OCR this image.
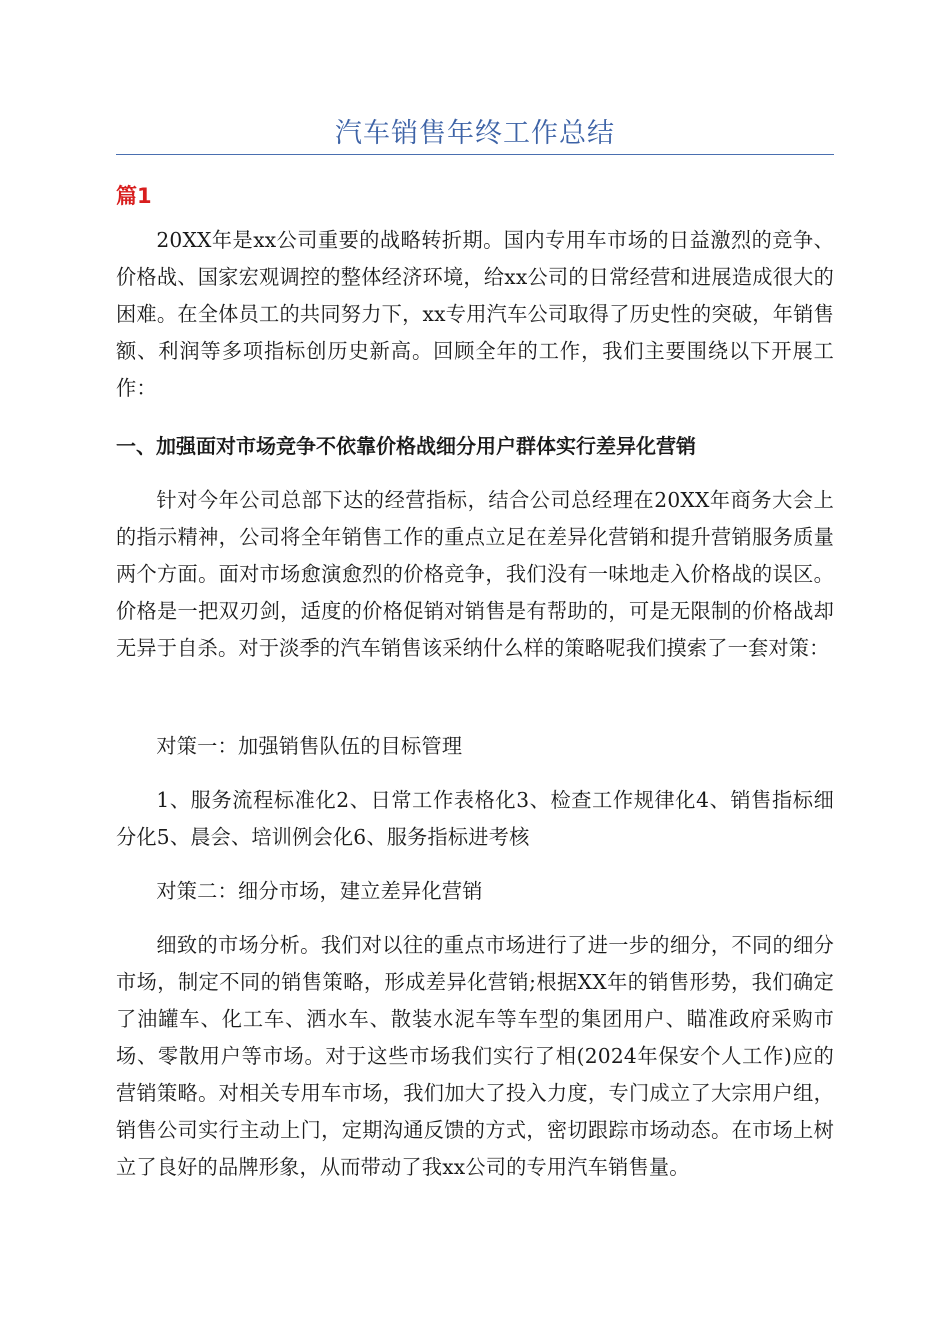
汽车销售年终工作总结
篇1

20XX年是xx公司重要的战略转折期。国内专用车市场的日益激烈的竞争、价格战、国家宏观调控的整体经济环境，给xx公司的日常经营和进展造成很大的困难。在全体员工的共同努力下，xx专用汽车公司取得了历史性的突破，年销售额、利润等多项指标创历史新高。回顾全年的工作，我们主要围绕以下开展工作：

一、加强面对市场竞争不依靠价格战细分用户群体实行差异化营销

针对今年公司总部下达的经营指标，结合公司总经理在20XX年商务大会上的指示精神，公司将全年销售工作的重点立足在差异化营销和提升营销服务质量两个方面。面对市场愈演愈烈的价格竞争，我们没有一味地走入价格战的误区。价格是一把双刃剑，适度的价格促销对销售是有帮助的，可是无限制的价格战却无异于自杀。对于淡季的汽车销售该采纳什么样的策略呢我们摸索了一套对策：

对策一：加强销售队伍的目标管理

1、服务流程标准化2、日常工作表格化3、检查工作规律化4、销售指标细分化5、晨会、培训例会化6、服务指标进考核

对策二：细分市场，建立差异化营销

细致的市场分析。我们对以往的重点市场进行了进一步的细分，不同的细分市场，制定不同的销售策略，形成差异化营销;根据XX年的销售形势，我们确定了油罐车、化工车、洒水车、散装水泥车等车型的集团用户、瞄准政府采购市场、零散用户等市场。对于这些市场我们实行了相(2024年保安个人工作)应的营销策略。对相关专用车市场，我们加大了投入力度，专门成立了大宗用户组，销售公司实行主动上门，定期沟通反馈的方式，密切跟踪市场动态。在市场上树立了良好的品牌形象，从而带动了我xx公司的专用汽车销售量。
